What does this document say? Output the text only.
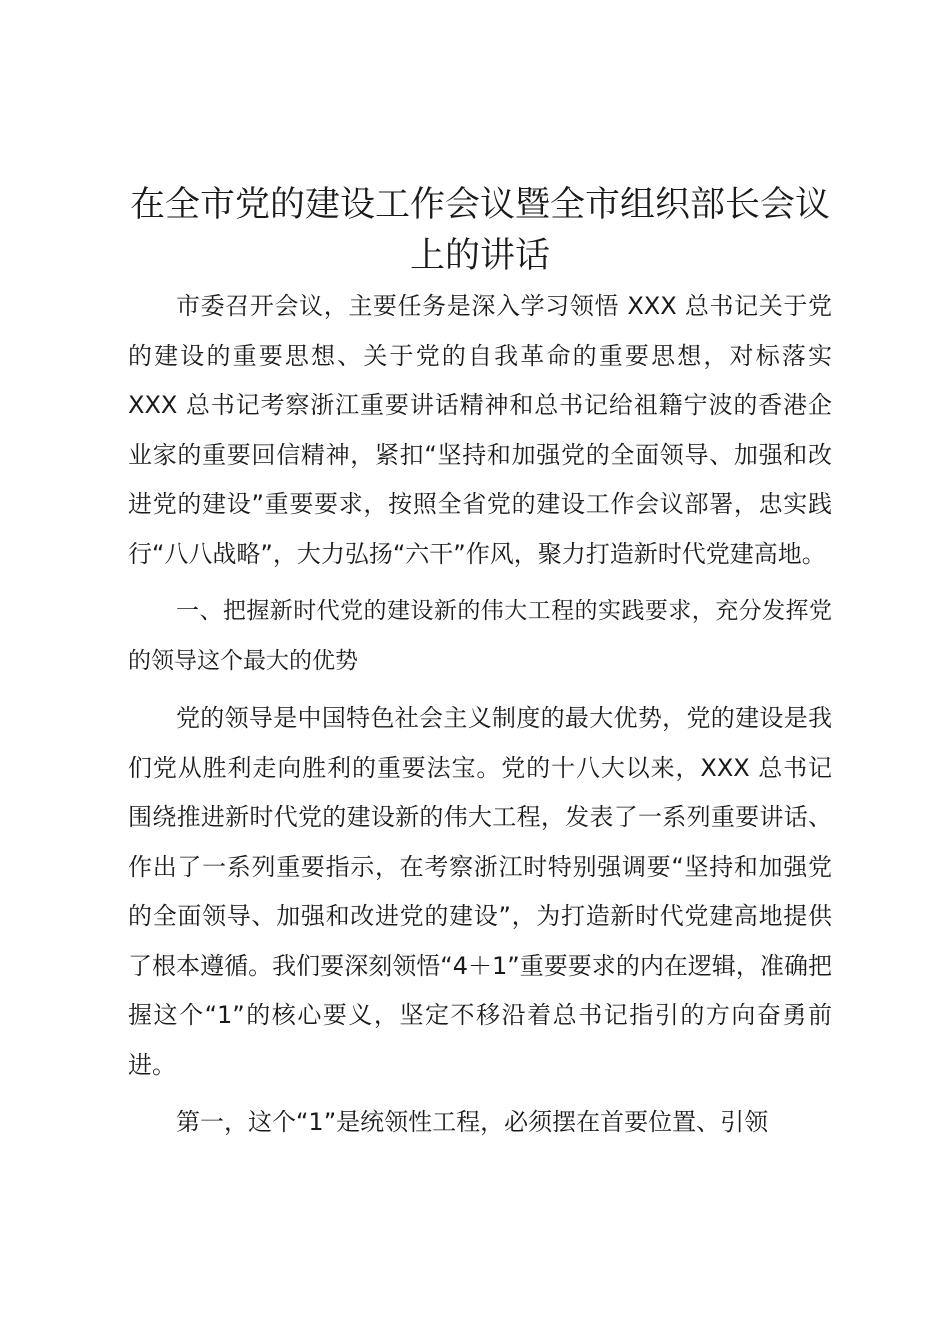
在全市党的建设工作会议暨全市组织部长会议上的讲话

市委召开会议，主要任务是深入学习领悟 XXX 总书记关于党的建设的重要思想、关于党的自我革命的重要思想，对标落实 XXX 总书记考察浙江重要讲话精神和总书记给祖籍宁波的香港企业家的重要回信精神，紧扣“坚持和加强党的全面领导、加强和改进党的建设”重要要求，按照全省党的建设工作会议部署，忠实践行“八八战略”，大力弘扬“六干”作风，聚力打造新时代党建高地。

一、把握新时代党的建设新的伟大工程的实践要求，充分发挥党的领导这个最大的优势

党的领导是中国特色社会主义制度的最大优势，党的建设是我们党从胜利走向胜利的重要法宝。党的十八大以来，XXX 总书记围绕推进新时代党的建设新的伟大工程，发表了一系列重要讲话、作出了一系列重要指示，在考察浙江时特别强调要“坚持和加强党的全面领导、加强和改进党的建设”，为打造新时代党建高地提供了根本遵循。我们要深刻领悟“4＋1”重要要求的内在逻辑，准确把握这个“1”的核心要义，坚定不移沿着总书记指引的方向奋勇前进。

第一，这个“1”是统领性工程，必须摆在首要位置、引领
